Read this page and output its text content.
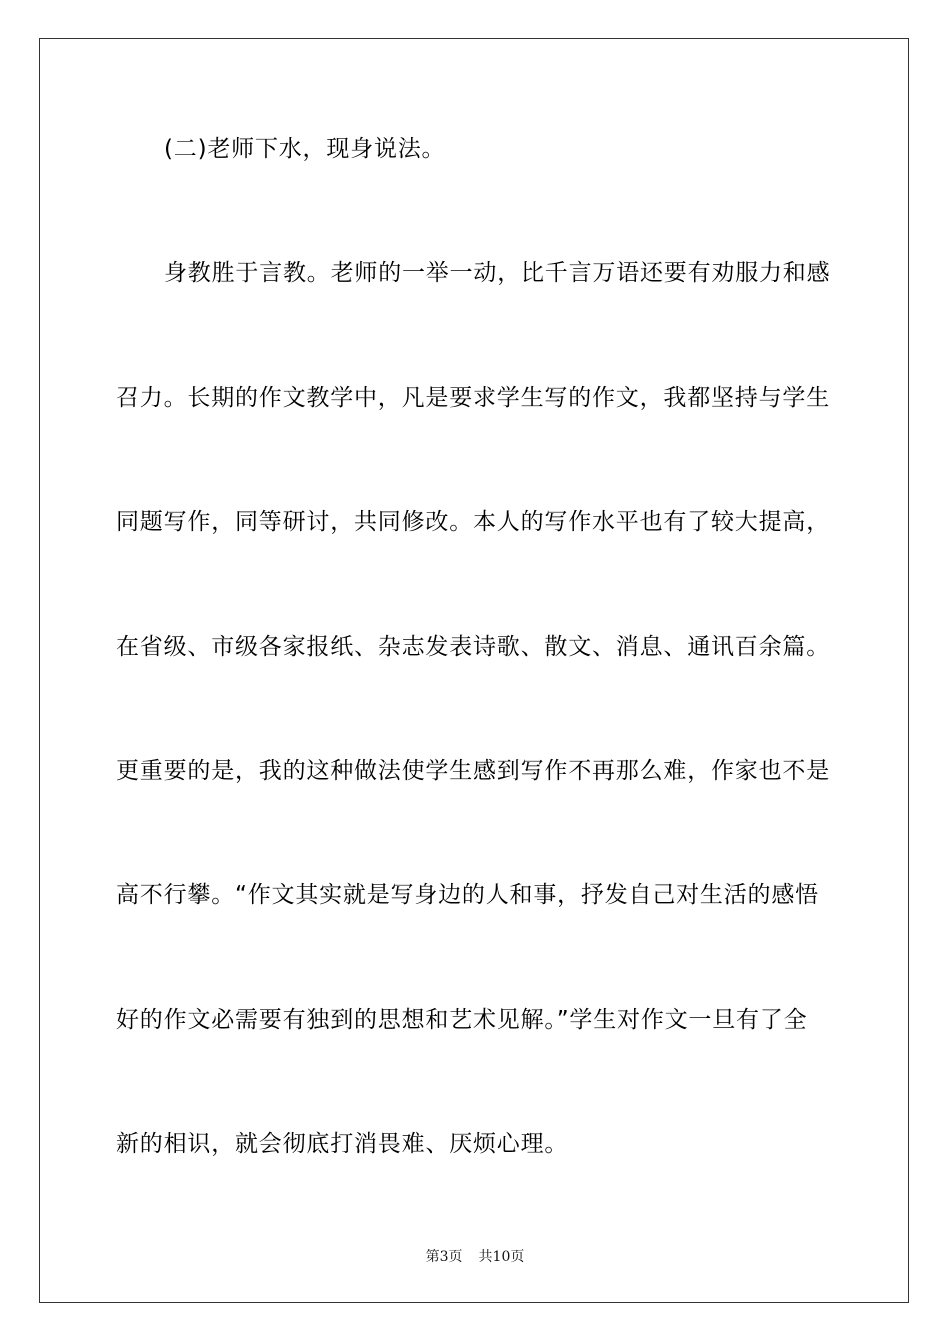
(二)老师下水，现身说法。
身教胜于言教。老师的一举一动，比千言万语还要有劝服力和感
召力。长期的作文教学中，凡是要求学生写的作文，我都坚持与学生
同题写作，同等研讨，共同修改。本人的写作水平也有了较大提高，
在省级、市级各家报纸、杂志发表诗歌、散文、消息、通讯百余篇。
更重要的是，我的这种做法使学生感到写作不再那么难，作家也不是
高不行攀。“作文其实就是写身边的人和事，抒发自己对生活的感悟
好的作文必需要有独到的思想和艺术见解。”学生对作文一旦有了全
新的相识，就会彻底打消畏难、厌烦心理。
第3页 共10页
